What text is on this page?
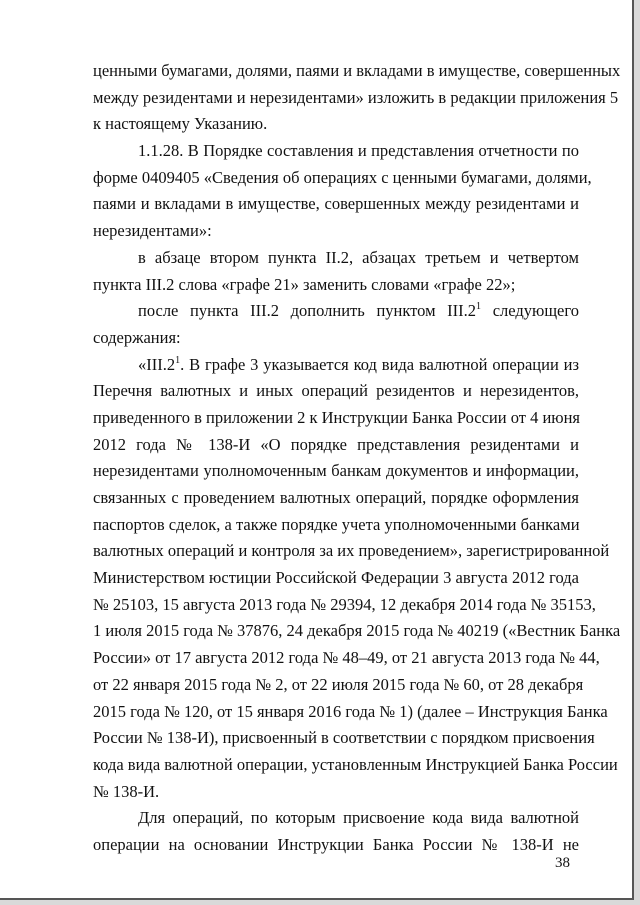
ценными бумагами, долями, паями и вкладами в имуществе, совершенных
между резидентами и нерезидентами» изложить в редакции приложения 5
к настоящему Указанию.
1.1.28. В Порядке составления и представления отчетности по
форме 0409405 «Сведения об операциях с ценными бумагами, долями,
паями и вкладами в имуществе, совершенных между резидентами и
нерезидентами»:
в абзаце втором пункта II.2, абзацах третьем и четвертом
пункта III.2 слова «графе 21» заменить словами «графе 22»;
после пункта III.2 дополнить пунктом $III.2^1$ следующего
содержания:
«$III.2^1$. В графе 3 указывается код вида валютной операции из
Перечня валютных и иных операций резидентов и нерезидентов,
приведенного в приложении 2 к Инструкции Банка России от 4 июня
2012 года № 138-И «О порядке представления резидентами и
нерезидентами уполномоченным банкам документов и информации,
связанных с проведением валютных операций, порядке оформления
паспортов сделок, а также порядке учета уполномоченными банками
валютных операций и контроля за их проведением», зарегистрированной
Министерством юстиции Российской Федерации 3 августа 2012 года
№ 25103, 15 августа 2013 года № 29394, 12 декабря 2014 года № 35153,
1 июля 2015 года № 37876, 24 декабря 2015 года № 40219 («Вестник Банка
России» от 17 августа 2012 года № 48–49, от 21 августа 2013 года № 44,
от 22 января 2015 года № 2, от 22 июля 2015 года № 60, от 28 декабря
2015 года № 120, от 15 января 2016 года № 1) (далее – Инструкция Банка
России № 138-И), присвоенный в соответствии с порядком присвоения
кода вида валютной операции, установленным Инструкцией Банка России
№ 138-И.
Для операций, по которым присвоение кода вида валютной
операции на основании Инструкции Банка России № 138-И не
38
